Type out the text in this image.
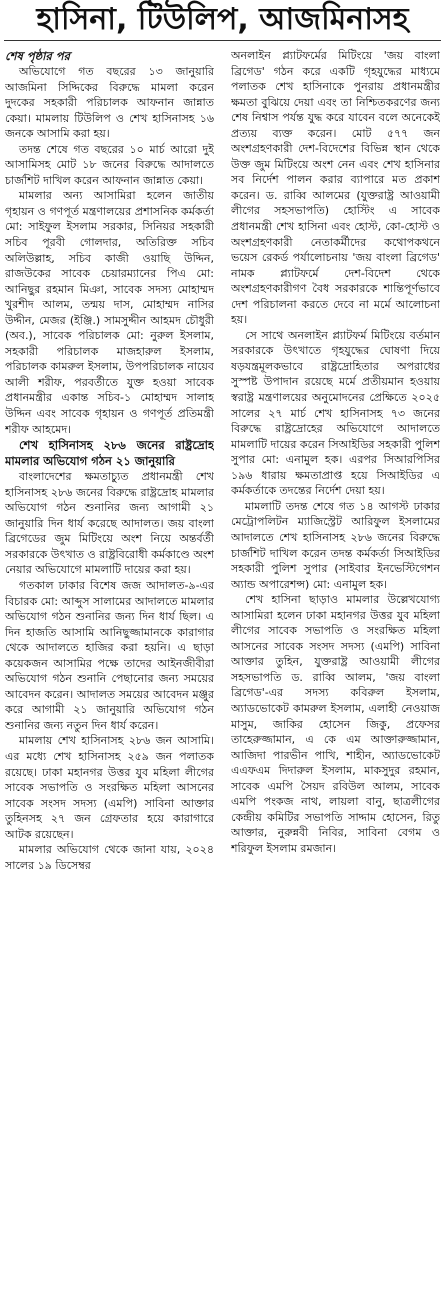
হাসিনা, টিউলিপ, আজমিনাসহ

শেষ পৃষ্ঠার পর

অভিযোগে গত বছরের ১৩ জানুয়ারি আজমিনা সিদ্দিকের বিরুদ্ধে মামলা করেন দুদকের সহকারী পরিচালক আফনান জান্নাত কেয়া। মামলায় টিউলিপ ও শেখ হাসিনাসহ ১৬ জনকে আসামি করা হয়।

তদন্ত শেষে গত বছরের ১০ মার্চ আরো দুই আসামিসহ মোট ১৮ জনের বিরুদ্ধে আদালতে চার্জশিট দাখিল করেন আফনান জান্নাত কেয়া।

মামলার অন্য আসামিরা হলেন জাতীয় গৃহায়ন ও গণপূর্ত মন্ত্রণালয়ের প্রশাসনিক কর্মকর্তা মো: সাইফুল ইসলাম সরকার, সিনিয়র সহকারী সচিব পূরবী গোলদার, অতিরিক্ত সচিব অলিউল্লাহ, সচিব কাজী ওয়াছি উদ্দিন, রাজউকের সাবেক চেয়ারম্যানের পিএ মো: আনিছুর রহমান মিঞা, সাবেক সদস্য মোহাম্মদ খুরশীদ আলম, তন্ময় দাস, মোহাম্মদ নাসির উদ্দীন, মেজর (ইঞ্জি.) সামসুদ্দীন আহমদ চৌধুরী (অব.), সাবেক পরিচালক মো: নুরুল ইসলাম, সহকারী পরিচালক মাজহারুল ইসলাম, পরিচালক কামরুল ইসলাম, উপপরিচালক নায়েব আলী শরীফ, পরবর্তীতে যুক্ত হওয়া সাবেক প্রধানমন্ত্রীর একান্ত সচিব-১ মোহাম্মদ সালাহ উদ্দিন এবং সাবেক গৃহায়ন ও গণপূর্ত প্রতিমন্ত্রী শরীফ আহমেদ।

শেখ হাসিনাসহ ২৮৬ জনের রাষ্ট্রদ্রোহ মামলার অভিযোগ গঠন ২১ জানুয়ারি

বাংলাদেশের ক্ষমতাচ্যুত প্রধানমন্ত্রী শেখ হাসিনাসহ ২৮৬ জনের বিরুদ্ধে রাষ্ট্রদ্রোহ মামলার অভিযোগ গঠন শুনানির জন্য আগামী ২১ জানুয়ারি দিন ধার্য করেছে আদালত। জয় বাংলা ব্রিগেডের জুম মিটিংয়ে অংশ নিয়ে অন্তর্বর্তী সরকারকে উৎখাত ও রাষ্ট্রবিরোধী কর্মকাণ্ডে অংশ নেয়ার অভিযোগে মামলাটি দায়ের করা হয়।

গতকাল ঢাকার বিশেষ জজ আদালত-৯-এর বিচারক মো: আব্দুস সালামের আদালতে মামলার অভিযোগ গঠন শুনানির জন্য দিন ধার্য ছিল। এ দিন হাজতি আসামি আনিছুজ্জামানকে কারাগার থেকে আদালতে হাজির করা হয়নি। এ ছাড়া কয়েকজন আসামির পক্ষে তাদের আইনজীবীরা অভিযোগ গঠন শুনানি পেছানোর জন্য সময়ের আবেদন করেন। আদালত সময়ের আবেদন মঞ্জুর করে আগামী ২১ জানুয়ারি অভিযোগ গঠন শুনানির জন্য নতুন দিন ধার্য করেন।

মামলায় শেখ হাসিনাসহ ২৮৬ জন আসামি। এর মধ্যে শেখ হাসিনাসহ ২৫৯ জন পলাতক রয়েছে। ঢাকা মহানগর উত্তর যুব মহিলা লীগের সাবেক সভাপতি ও সংরক্ষিত মহিলা আসনের সাবেক সংসদ সদস্য (এমপি) সাবিনা আক্তার তুহিনসহ ২৭ জন গ্রেফতার হয়ে কারাগারে আটক রয়েছেন।

মামলার অভিযোগ থেকে জানা যায়, ২০২৪ সালের ১৯ ডিসেম্বর

অনলাইন প্ল্যাটফর্মের মিটিংয়ে 'জয় বাংলা ব্রিগেড' গঠন করে একটি গৃহযুদ্ধের মাধ্যমে পলাতক শেখ হাসিনাকে পুনরায় প্রধানমন্ত্রীর ক্ষমতা বুঝিয়ে দেয়া এবং তা নিশ্চিতকরণের জন্য শেষ নিশ্বাস পর্যন্ত যুদ্ধ করে যাবেন বলে অনেকেই প্রত্যয় ব্যক্ত করেন। মোট ৫৭৭ জন অংশগ্রহণকারী দেশ-বিদেশের বিভিন্ন স্থান থেকে উক্ত জুম মিটিংয়ে অংশ নেন এবং শেখ হাসিনার সব নির্দেশ পালন করার ব্যাপারে মত প্রকাশ করেন। ড. রাব্বি আলমের (যুক্তরাষ্ট্র আওয়ামী লীগের সহসভাপতি) হোস্টিং এ সাবেক প্রধানমন্ত্রী শেখ হাসিনা এবং হোস্ট, কো-হোস্ট ও অংশগ্রহণকারী নেতাকর্মীদের কথোপকথনে ভয়েস রেকর্ড পর্যালোচনায় 'জয় বাংলা ব্রিগেড' নামক প্ল্যাটফর্মে দেশ-বিদেশ থেকে অংশগ্রহণকারীগণ বৈধ সরকারকে শান্তিপূর্ণভাবে দেশ পরিচালনা করতে দেবে না মর্মে আলোচনা হয়।

সে সাথে অনলাইন প্ল্যাটফর্ম মিটিংয়ে বর্তমান সরকারকে উৎখাতে গৃহযুদ্ধের ঘোষণা দিয়ে ষড়যন্ত্রমূলকভাবে রাষ্ট্রদ্রোহিতার অপরাধের সুস্পষ্ট উপাদান রয়েছে মর্মে প্রতীয়মান হওয়ায় স্বরাষ্ট্র মন্ত্রণালয়ের অনুমোদনের প্রেক্ষিতে ২০২৫ সালের ২৭ মার্চ শেখ হাসিনাসহ ৭৩ জনের বিরুদ্ধে রাষ্ট্রদ্রোহের অভিযোগে আদালতে মামলাটি দায়ের করেন সিআইডির সহকারী পুলিশ সুপার মো: এনামুল হক। এরপর সিআরপিসির ১৯৬ ধারায় ক্ষমতাপ্রাপ্ত হয়ে সিআইডির এ কর্মকর্তাকে তদন্তের নির্দেশ দেয়া হয়।

মামলাটি তদন্ত শেষে গত ১৪ আগস্ট ঢাকার মেট্রোপলিটন ম্যাজিস্ট্রেট আরিফুল ইসলামের আদালতে শেখ হাসিনাসহ ২৮৬ জনের বিরুদ্ধে চার্জশিট দাখিল করেন তদন্ত কর্মকর্তা সিআইডির সহকারী পুলিশ সুপার (সাইবার ইনভেস্টিগেশন অ্যান্ড অপারেশন্স) মো: এনামুল হক।

শেখ হাসিনা ছাড়াও মামলার উল্লেখযোগ্য আসামিরা হলেন ঢাকা মহানগর উত্তর যুব মহিলা লীগের সাবেক সভাপতি ও সংরক্ষিত মহিলা আসনের সাবেক সংসদ সদস্য (এমপি) সাবিনা আক্তার তুহিন, যুক্তরাষ্ট্র আওয়ামী লীগের সহসভাপতি ড. রাব্বি আলম, 'জয় বাংলা ব্রিগেড'-এর সদস্য কবিরুল ইসলাম, অ্যাডভোকেট কামরুল ইসলাম, এলাহী নেওয়াজ মাসুম, জাকির হোসেন জিকু, প্রফেসর তাহেরুজ্জামান, এ কে এম আক্তারুজ্জামান, আজিদা পারভীন পাখি, শাহীন, অ্যাডভোকেট এএফএম দিদারুল ইসলাম, মাকসুদুর রহমান, সাবেক এমপি সৈয়দ রবিউল আলম, সাবেক এমপি পংকজ নাথ, লায়লা বানু, ছাত্রলীগের কেন্দ্রীয় কমিটির সভাপতি সাদ্দাম হোসেন, রিতু আক্তার, নুরুন্নবী নিবির, সাবিনা বেগম ও শরিফুল ইসলাম রমজান।
